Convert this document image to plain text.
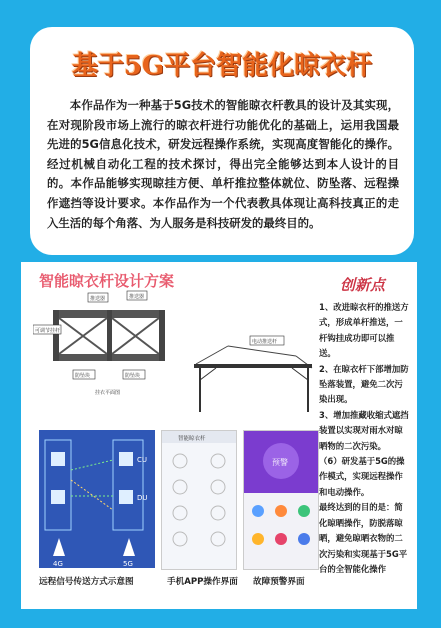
基于5G平台智能化晾衣杆
本作品作为一种基于5G技术的智能晾衣杆教具的设计及其实现，在对现阶段市场上流行的晾衣杆进行功能优化的基础上，运用我国最先进的5G信息化技术，研发远程操作系统，实现高度智能化的操作。经过机械自动化工程的技术探讨，得出完全能够达到本人设计的目的。本作品能够实现晾挂方便、单杆推拉整体就位、防坠落、远程操作遮挡等设计要求。本作品作为一个代表教具体现让高科技真正的走入生活的每个角落、为人服务是科技研发的最终目的。
智能晾衣杆设计方案	创新点

1、改进晾衣杆的推送方式，形成单杆推送，一杆钩挂成功即可以推送。

2、在晾衣杆下部增加防坠落装置，避免二次污染出现。

3、增加推藏收缩式遮挡装置以实现对雨水对晾晒物的二次污染。

（6）研发基于5G的操作模式，实现远程操作和电动操作。

最终达到的目的是：简化晾晒操作，防脱落晾晒，避免晾晒衣物的二次污染和实现基于5G平台的全智能化操作

推送器	推送器
可调节挂杆
防坠块	防坠块
挂衣平面图
电动推送杆
CU
DU
4G	5G
智能晾衣杆
预警
远程信号传送方式示意图	手机APP操作界面 故障预警界面
